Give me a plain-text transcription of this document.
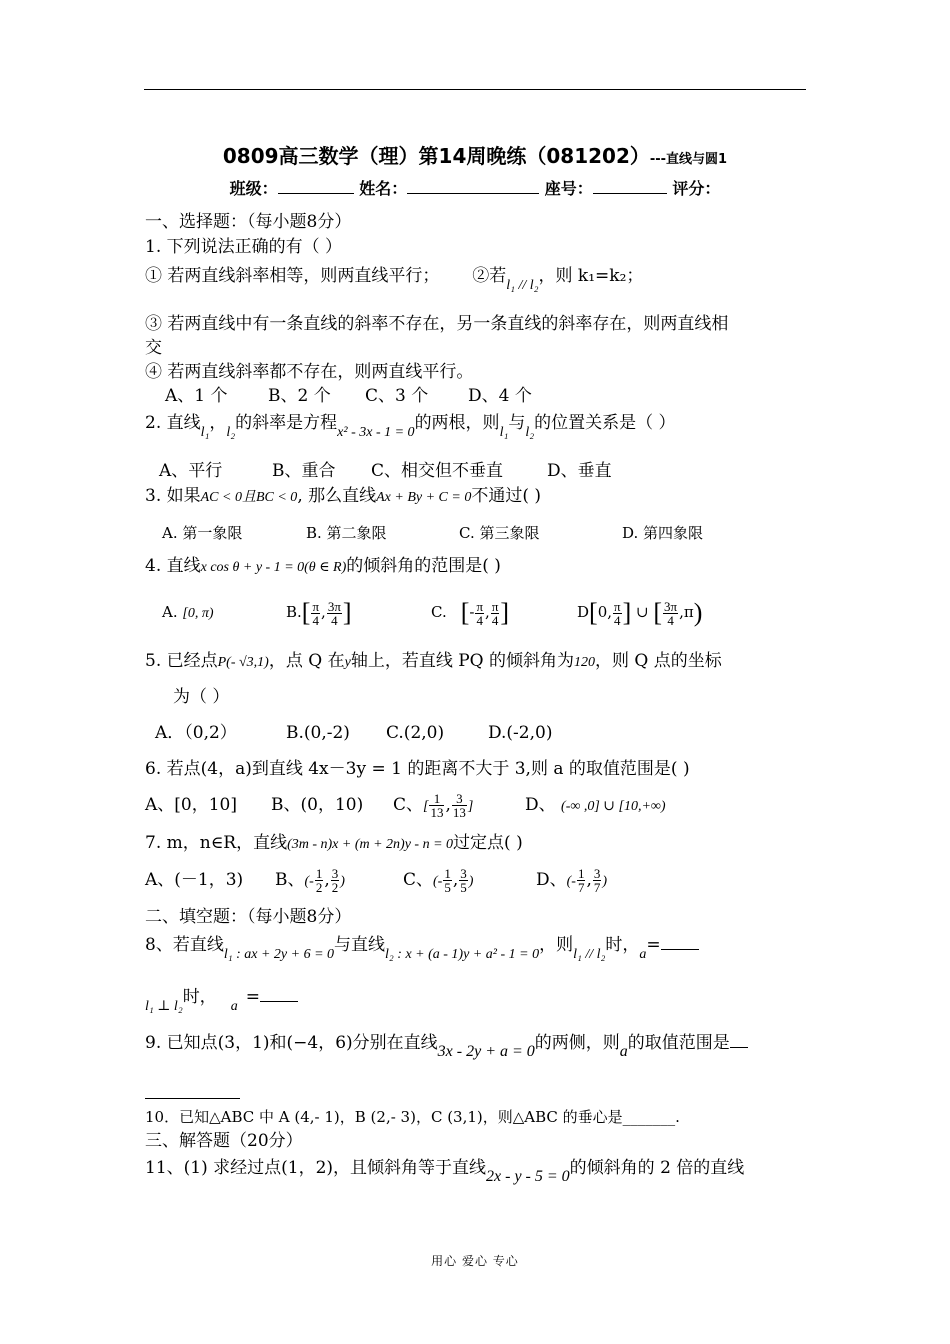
0809高三数学（理）第14周晚练（081202）---直线与圆1
班级：	姓名：	座号：	评分：
一、选择题：（每小题8分）
1. 下列说法正确的有（ ）
① 若两直线斜率相等，则两直线平行； ②若$_{l_1 // l_2}$，则 k₁=k₂；
③ 若两直线中有一条直线的斜率不存在，另一条直线的斜率存在，则两直线相
交
④ 若两直线斜率都不存在，则两直线平行。
A、1 个 B、2 个 C、3 个 D、4 个
2. 直线$_{l_1}$，$_{l_2}$的斜率是方程$_{x^2 - 3x - 1 = 0}$的两根，则$_{l_1}$与$_{l_2}$的位置关系是（ ）
A、平行	B、重合 C、相交但不垂直	D、垂直
3. 如果AC < 0且BC < 0, 那么直线Ax + By + C = 0不通过( )
A. 第一象限	B. 第二象限	C. 第三象限	D. 第四象限
4. 直线x cos θ + y - 1 = 0(θ ∈ R)的倾斜角的范围是( )
A. [0, π)	$B.[ \frac{\pi}{4}$ , $\frac{3\pi}{4}$ ]	C. [- $\frac{\pi}{4}$ , $\frac{\pi}{4}$ ]	D[0, $\frac{\pi}{4}$ ] ∪ [ $\frac{3\pi}{4} ,\pi$)
5. 已经点P(- √3,1)，点 Q 在y轴上，若直线 PQ 的倾斜角为120，则 Q 点的坐标
为（ ）
A．（0,2）	B.(0,-2) C.(2,0)	D.(-2,0)
6. 若点(4，a)到直线 4x－3y = 1 的距离不大于 3,则 a 的取值范围是( )
A、[0，10] B、(0，10) C、[ $\frac{1}{13}$ , $\frac{3}{13}$ ]	D、 (-∞ ,0] ∪ [10,+∞)
7. m，n∈R，直线(3m - n)x + (m + 2n)y - n = 0过定点( )
A、(－1，3) B、(- $\frac{1}{2}$ , $\frac{3}{2}$ )	C、(- $\frac{1}{5}$ , $\frac{3}{5}$ )	D、(- $\frac{1}{7}$ , $\frac{3}{7}$ )
二、填空题：（每小题8分）
8、若直线$_{l_1 : ax + 2y + 6 = 0}$与直线$_{l_2 : x + (a - 1)y + a^2 - 1 = 0}$，则$_{l_1 // l_2}$时，$_a$=
$_{l_1 \perp l_2}$时， $_a$ =
9. 已知点(3，1)和(−4，6)分别在直线3x - 2y + a = 0的两侧，则a的取值范围是
10．已知△ABC 中 A (4,- 1)，B (2,- 3)，C (3,1)，则△ABC 的垂心是_______.
三、解答题（20分）
11、(1) 求经过点(1，2)，且倾斜角等于直线2x - y - 5 = 0的倾斜角的 2 倍的直线
用心 爱心 专心
